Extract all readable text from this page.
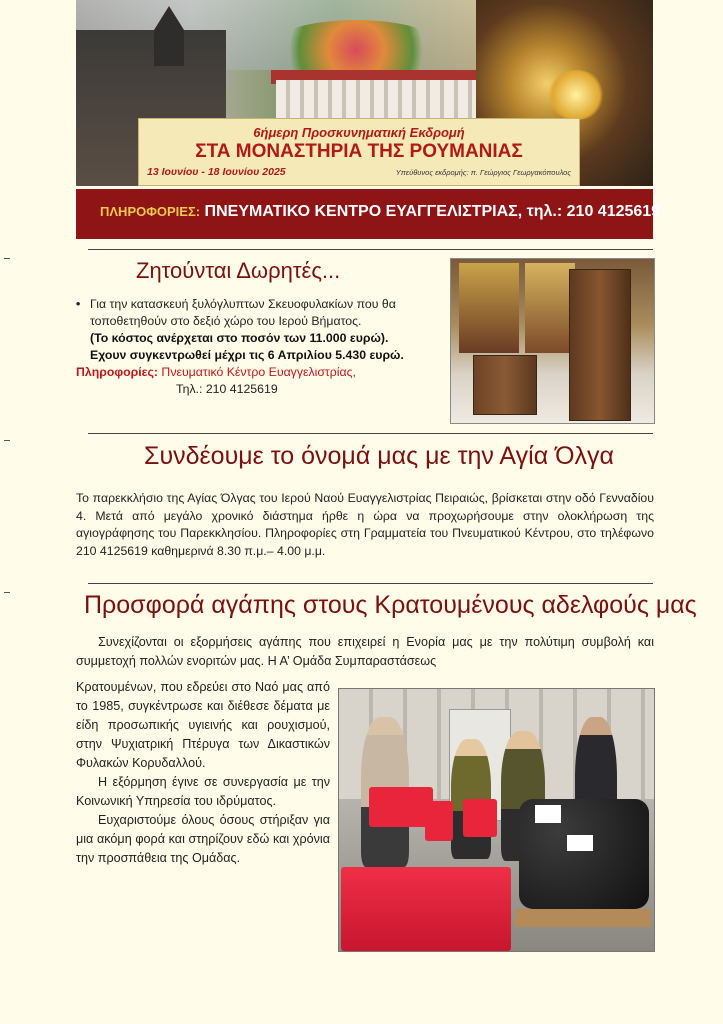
6ήμερη Προσκυνηματική Εκδρομή
ΣΤΑ ΜΟΝΑΣΤΗΡΙΑ ΤΗΣ ΡΟΥΜΑΝΙΑΣ
13 Ιουνίου - 18 Ιουνίου 2025	Υπεύθυνος εκδρομής: π. Γεώργιος Γεωργακόπουλος
ΠΛΗΡΟΦΟΡΙΕΣ: ΠΝΕΥΜΑΤΙΚΟ ΚΕΝΤΡΟ ΕΥΑΓΓΕΛΙΣΤΡΙΑΣ, τηλ.: 210 4125619
Ζητούνται Δωρητές...
• Για την κατασκευή ξυλόγλυπτων Σκευοφυλακίων που θα τοποθετηθούν στο δεξιό χώρο του Ιερού Βήματος.
(Το κόστος ανέρχεται στο ποσόν των 11.000 ευρώ).
Εχουν συγκεντρωθεί μέχρι τις 6 Απριλίου 5.430 ευρώ.
Πληροφορίες: Πνευματικό Κέντρο Ευαγγελιστρίας,
Τηλ.: 210 4125619
Συνδέουμε το όνομά μας με την Αγία Όλγα
Το παρεκκλήσιο της Αγίας Όλγας του Ιερού Ναού Ευαγγελιστρίας Πειραιώς, βρίσκεται στην οδό Γενναδίου 4. Μετά από μεγάλο χρονικό διάστημα ήρθε η ώρα να προχωρήσουμε στην ολοκλήρωση της αγιογράφησης του Παρεκκλησίου. Πληροφορίες στη Γραμματεία του Πνευματικού Κέντρου, στο τηλέφωνο 210 4125619 καθημερινά 8.30 π.μ.– 4.00 μ.μ.
Προσφορά αγάπης στους Κρατουμένους αδελφούς μας
Συνεχίζονται οι εξορμήσεις αγάπης που επιχειρεί η Ενορία μας με την πολύτιμη συμβολή και συμμετοχή πολλών ενοριτών μας. Η Α’ Ομάδα Συμπαραστάσεως

Κρατουμένων, που εδρεύει στο Ναό μας από το 1985, συγκέντρωσε και διέθεσε δέματα με είδη προσωπικής υγιεινής και ρουχισμού, στην Ψυχιατρική Πτέρυγα των Δικαστικών Φυλακών Κορυδαλλού.

Η εξόρμηση έγινε σε συνεργασία με την Κοινωνική Υπηρεσία του ιδρύματος.

Ευχαριστούμε όλους όσους στήριξαν για μια ακόμη φορά και στηρίζουν εδώ και χρόνια την προσπάθεια της Ομάδας.
